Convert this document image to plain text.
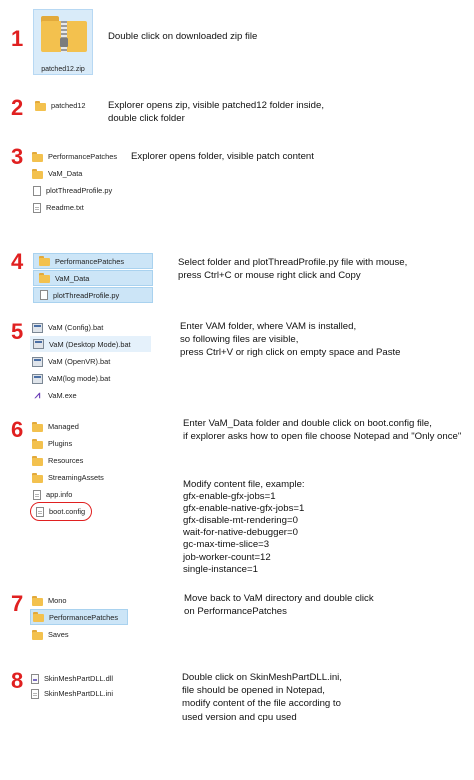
1
2
3
4
5
6
7
8
Double click on downloaded zip file
Explorer opens zip, visible patched12 folder inside,
double click folder
Explorer opens folder, visible patch content
Select folder and plotThreadProfile.py file with mouse,
press Ctrl+C or mouse right click and Copy
Enter VAM folder, where VAM is installed,
so following files are visible,
press Ctrl+V or righ click on empty space and Paste
Enter VaM_Data folder and double click on boot.config file,
if explorer asks how to open file choose Notepad and "Only once"
Move back to VaM directory and double click
on PerformancePatches
Double click on SkinMeshPartDLL.ini,
file should be opened in Notepad,
modify content of the file according to
used version and cpu used
Modify content file, example:
gfx-enable-gfx-jobs=1
gfx-enable-native-gfx-jobs=1
gfx-disable-mt-rendering=0
wait-for-native-debugger=0
gc-max-time-slice=3
job-worker-count=12
single-instance=1
patched12.zip
patched12
PerformancePatches
VaM_Data
plotThreadProfile.py
Readme.txt
PerformancePatches
VaM_Data
plotThreadProfile.py
VaM (Config).bat
VaM (Desktop Mode).bat
VaM (OpenVR).bat
VaM(log mode).bat
⩘	VaM.exe
Managed
Plugins
Resources
StreamingAssets
app.info
boot.config
Mono
PerformancePatches
Saves
SkinMeshPartDLL.dll
SkinMeshPartDLL.ini
